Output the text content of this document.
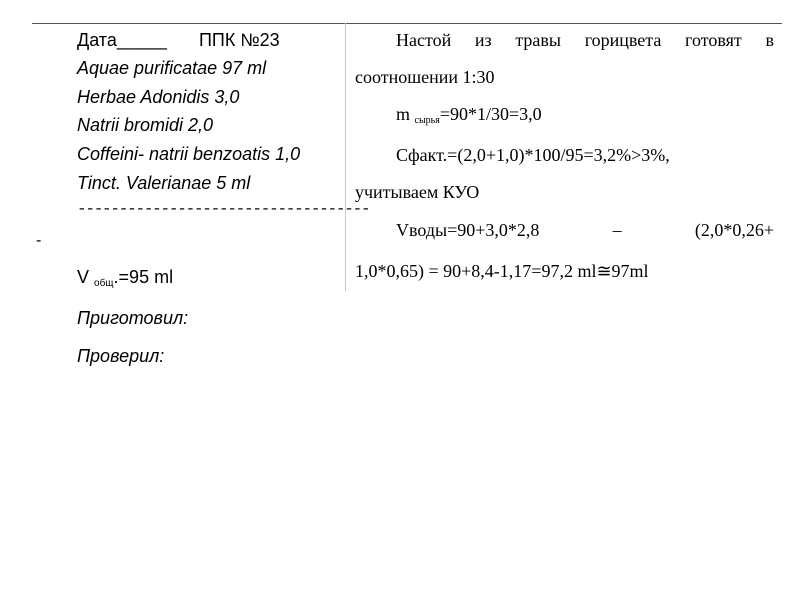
Дата_____ ППК №23
Aquae purificatae 97 ml
Herbae Adonidis 3,0
Natrii bromidi 2,0
Coffeini- natrii benzoatis 1,0
Tinct. Valerianae 5 ml
-----------------------------------
-
V $_{общ}$.=95 ml
Приготовил:
Проверил:
Настой из травы горицвета готовят в
соотношении 1:30
m $_{сырья}$=90*1/30=3,0
Сфакт.=(2,0+1,0)*100/95=3,2%>3%,
учитываем КУО
Vводы=90+3,0*2,8	–	(2,0*0,26+
1,0*0,65) = 90+8,4-1,17=97,2 ml≅97ml
